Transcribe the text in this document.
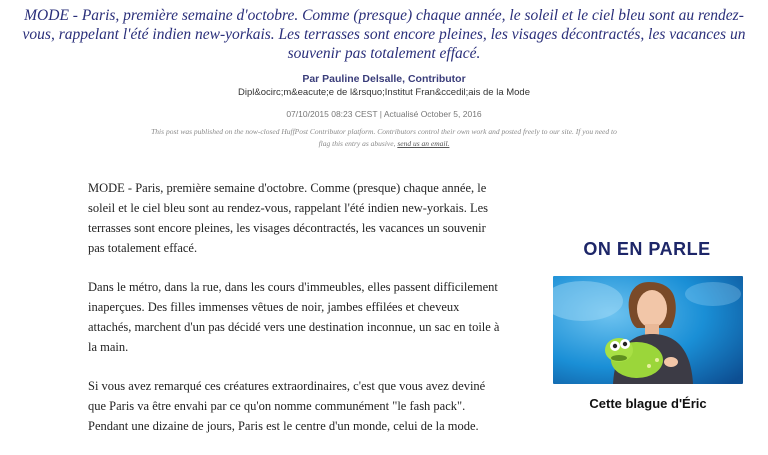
MODE - Paris, première semaine d'octobre. Comme (presque) chaque année, le soleil et le ciel bleu sont au rendez-vous, rappelant l'été indien new-yorkais. Les terrasses sont encore pleines, les visages décontractés, les vacances un souvenir pas totalement effacé.
Par Pauline Delsalle, Contributor
Dipl&ocirc;m&eacute;e de l&rsquo;Institut Fran&ccedil;ais de la Mode
07/10/2015 08:23 CEST | Actualisé October 5, 2016
This post was published on the now-closed HuffPost Contributor platform. Contributors control their own work and posted freely to our site. If you need to flag this entry as abusive, send us an email.

MODE - Paris, première semaine d'octobre. Comme (presque) chaque année, le soleil et le ciel bleu sont au rendez-vous, rappelant l'été indien new-yorkais. Les terrasses sont encore pleines, les visages décontractés, les vacances un souvenir pas totalement effacé.

Dans le métro, dans la rue, dans les cours d'immeubles, elles passent difficilement inaperçues. Des filles immenses vêtues de noir, jambes effilées et cheveux attachés, marchent d'un pas décidé vers une destination inconnue, un sac en toile à la main.

Si vous avez remarqué ces créatures extraordinaires, c'est que vous avez deviné que Paris va être envahi par ce qu'on nomme communément "le fash pack". Pendant une dizaine de jours, Paris est le centre d'un monde, celui de la mode.

ON EN PARLE
Cette blague d'Éric
